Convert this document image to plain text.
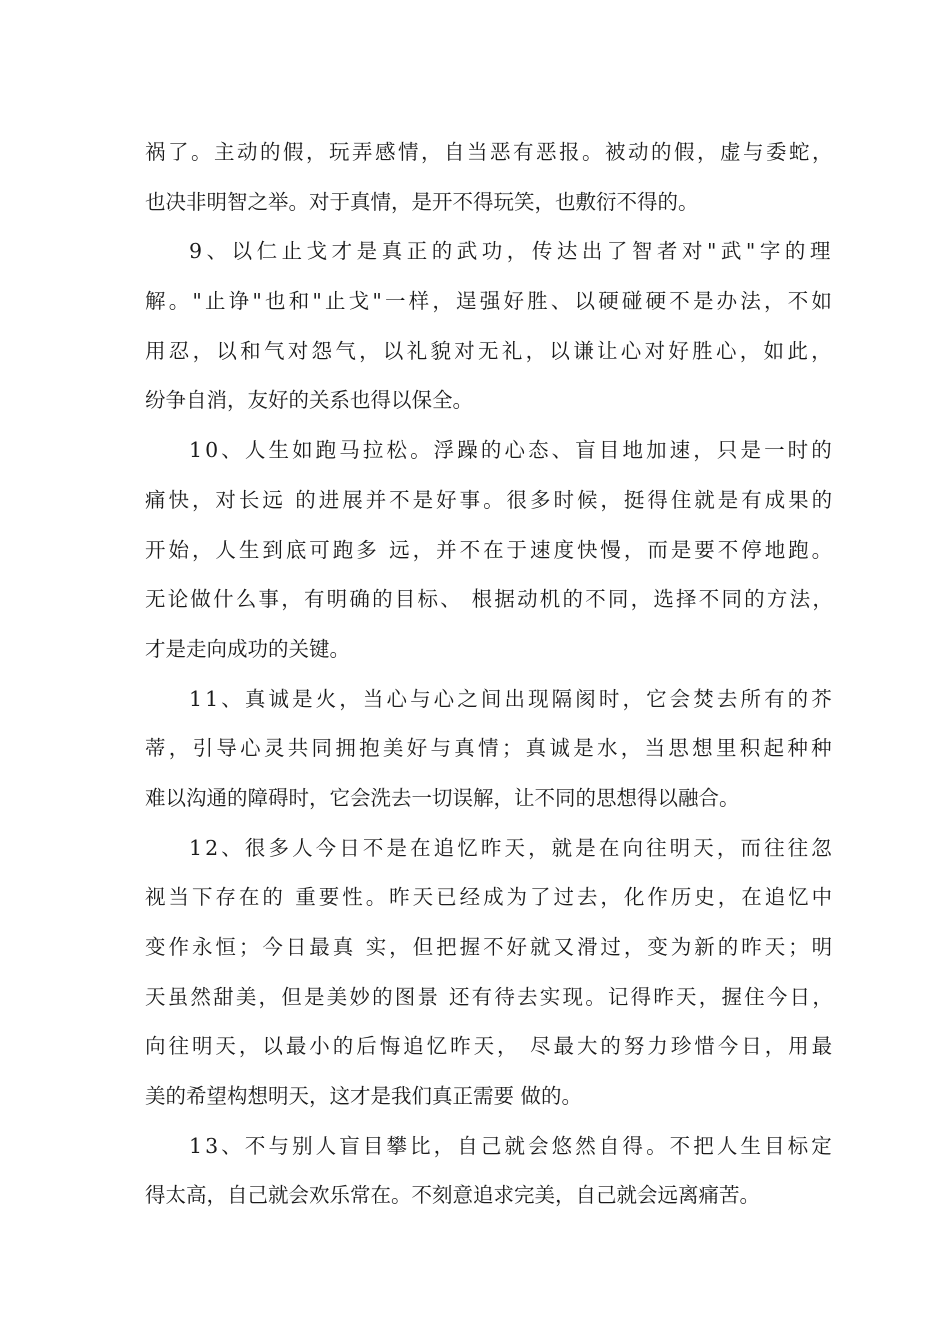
祸了。主动的假，玩弄感情，自当恶有恶报。被动的假，虚与委蛇，
也决非明智之举。对于真情，是开不得玩笑，也敷衍不得的。
9、以仁止戈才是真正的武功，传达出了智者对"武"字的理
解。"止诤"也和"止戈"一样，逞强好胜、以硬碰硬不是办法，不如
用忍，以和气对怨气，以礼貌对无礼，以谦让心对好胜心，如此，
纷争自消，友好的关系也得以保全。
10、人生如跑马拉松。浮躁的心态、盲目地加速，只是一时的
痛快，对长远 的进展并不是好事。很多时候，挺得住就是有成果的
开始，人生到底可跑多 远，并不在于速度快慢，而是要不停地跑。
无论做什么事，有明确的目标、 根据动机的不同，选择不同的方法，
才是走向成功的关键。
11、真诚是火，当心与心之间出现隔阂时，它会焚去所有的芥
蒂，引导心灵共同拥抱美好与真情；真诚是水，当思想里积起种种
难以沟通的障碍时，它会洗去一切误解，让不同的思想得以融合。
12、很多人今日不是在追忆昨天，就是在向往明天，而往往忽
视当下存在的 重要性。昨天已经成为了过去，化作历史，在追忆中
变作永恒；今日最真 实，但把握不好就又滑过，变为新的昨天；明
天虽然甜美，但是美妙的图景 还有待去实现。记得昨天，握住今日，
向往明天，以最小的后悔追忆昨天， 尽最大的努力珍惜今日，用最
美的希望构想明天，这才是我们真正需要 做的。
13、不与别人盲目攀比，自己就会悠然自得。不把人生目标定
得太高，自己就会欢乐常在。不刻意追求完美，自己就会远离痛苦。
